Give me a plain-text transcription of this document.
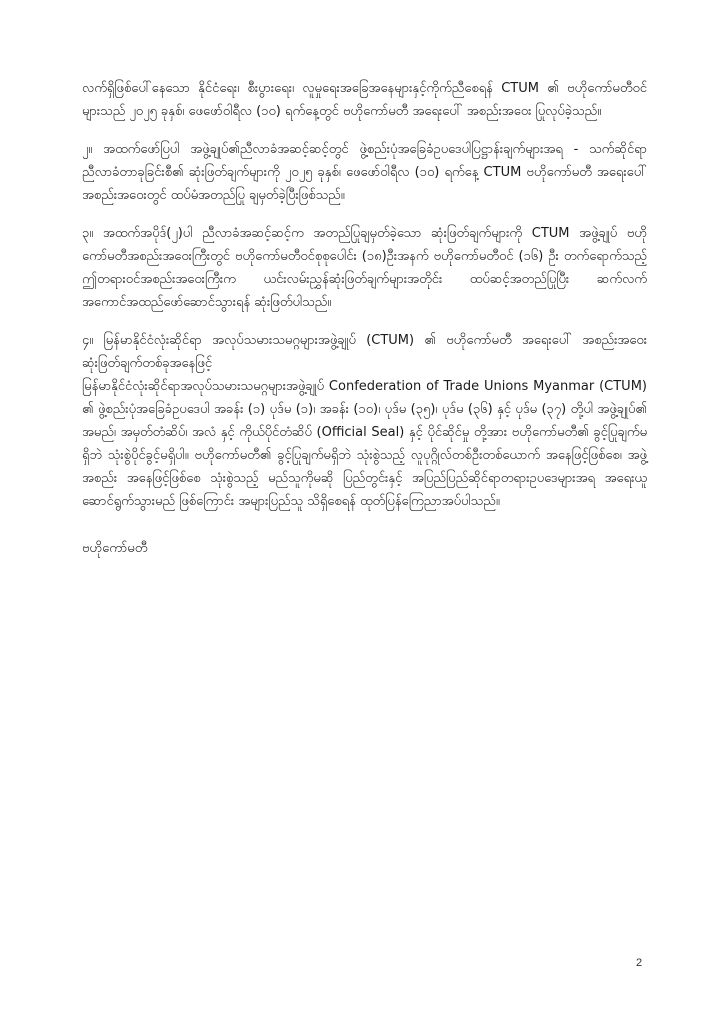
လက်ရှိဖြစ်ပေါ်နေသော နိုင်ငံရေး၊ စီးပွားရေး၊ လူမှုရေးအခြေအနေများနှင့်ကိုက်ညီစေရန် CTUM ၏ ဗဟိုကော်မတီဝင်များသည် ၂၀၂၅ ခုနှစ်၊ ဖေဖော်ဝါရီလ (၁၀) ရက်နေ့တွင် ဗဟိုကော်မတီ အရေးပေါ် အစည်းအဝေး ပြုလုပ်ခဲ့သည်။

၂။ အထက်ဖော်ပြပါ အဖွဲ့ချုပ်၏ညီလာခံအဆင့်ဆင့်တွင် ဖွဲ့စည်းပုံအခြေခံဥပဒေပါပြဋ္ဌာန်းချက်များအရ - သက်ဆိုင်ရာညီလာခံတာခုခြင်းစီ၏ ဆုံးဖြတ်ချက်များကို ၂၀၂၅ ခုနှစ်၊ ဖေဖော်ဝါရီလ (၁၀) ရက်နေ့ CTUM ဗဟိုကော်မတီ အရေးပေါ် အစည်းအဝေးတွင် ထပ်မံအတည်ပြု ချမှတ်ခဲ့ပြီးဖြစ်သည်။

၃။ အထက်အပိုဒ်(၂)ပါ ညီလာခံအဆင့်ဆင့်က အတည်ပြုချမှတ်ခဲ့သော ဆုံးဖြတ်ချက်များကို CTUM အဖွဲ့ချုပ် ဗဟိုကော်မတီအစည်းအဝေးကြီးတွင် ဗဟိုကော်မတီဝင်စုစုပေါင်း (၁၈)ဦးအနက် ဗဟိုကော်မတီဝင် (၁၆) ဦး တက်ရောက်သည့် ဤတရားဝင်အစည်းအဝေးကြီးက ယင်းလမ်းညွှန်ဆုံးဖြတ်ချက်များအတိုင်း ထပ်ဆင့်အတည်ပြုပြီး ဆက်လက်အကောင်အထည်ဖော်ဆောင်သွားရန် ဆုံးဖြတ်ပါသည်။

၄။ မြန်မာနိုင်ငံလုံးဆိုင်ရာ အလုပ်သမားသမဂ္ဂများအဖွဲ့ချုပ် (CTUM) ၏ ဗဟိုကော်မတီ အရေးပေါ် အစည်းအဝေးဆုံးဖြတ်ချက်တစ်ခုအနေဖြင့်

မြန်မာနိုင်ငံလုံးဆိုင်ရာအလုပ်သမားသမဂ္ဂများအဖွဲ့ချုပ် Confederation of Trade Unions Myanmar (CTUM) ၏ ဖွဲ့စည်းပုံအခြေခံဥပဒေပါ အခန်း (၁) ပုဒ်မ (၁)၊ အခန်း (၁၀)၊ ပုဒ်မ (၃၅)၊ ပုဒ်မ (၃၆) နှင့် ပုဒ်မ (၃၇) တို့ပါ အဖွဲ့ချုပ်၏ အမည်၊ အမှတ်တံဆိပ်၊ အလံ နှင့် ကိုယ်ပိုင်တံဆိပ် (Official Seal) နှင့် ပိုင်ဆိုင်မှု တို့အား ဗဟိုကော်မတီ၏ ခွင့်ပြုချက်မရှိဘဲ သုံးစွဲပိုင်ခွင့်မရှိပါ။ ဗဟိုကော်မတီ၏ ခွင့်ပြုချက်မရှိဘဲ သုံးစွဲသည့် လူပုဂ္ဂိုလ်တစ်ဦးတစ်ယောက် အနေဖြင့်ဖြစ်စေ၊ အဖွဲ့အစည်း အနေဖြင့်ဖြစ်စေ သုံးစွဲသည့် မည်သူကိုမဆို ပြည်တွင်းနှင့် အပြည်ပြည်ဆိုင်ရာတရားဥပဒေများအရ အရေးယူဆောင်ရွက်သွားမည် ဖြစ်ကြောင်း အများပြည်သူ သိရှိစေရန် ထုတ်ပြန်ကြေညာအပ်ပါသည်။

ဗဟိုကော်မတီ
2
